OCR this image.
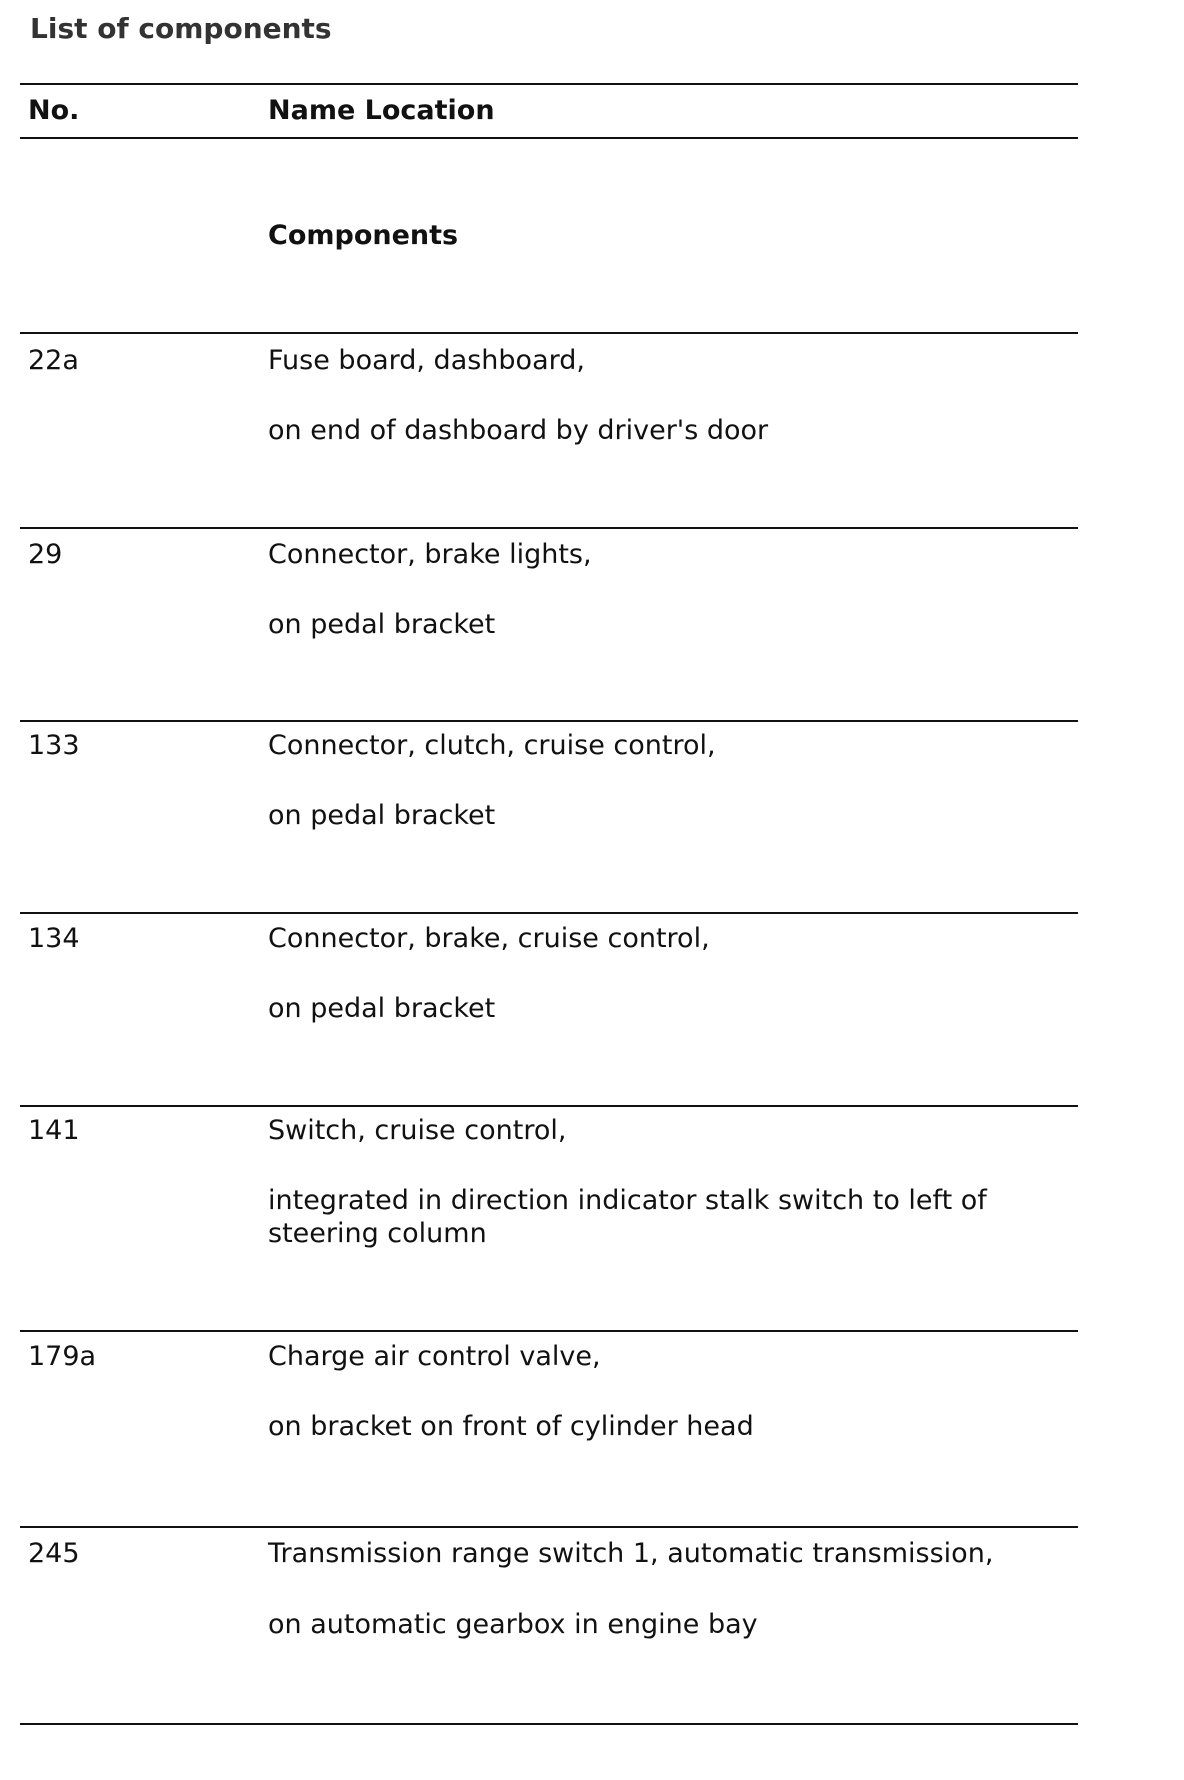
List of components
No.	Name Location
Components
22a	Fuse board, dashboard,
on end of dashboard by driver's door
29	Connector, brake lights,
on pedal bracket
133	Connector, clutch, cruise control,
on pedal bracket
134	Connector, brake, cruise control,
on pedal bracket
141	Switch, cruise control,
integrated in direction indicator stalk switch to left of steering column
179a	Charge air control valve,
on bracket on front of cylinder head
245	Transmission range switch 1, automatic transmission,
on automatic gearbox in engine bay
